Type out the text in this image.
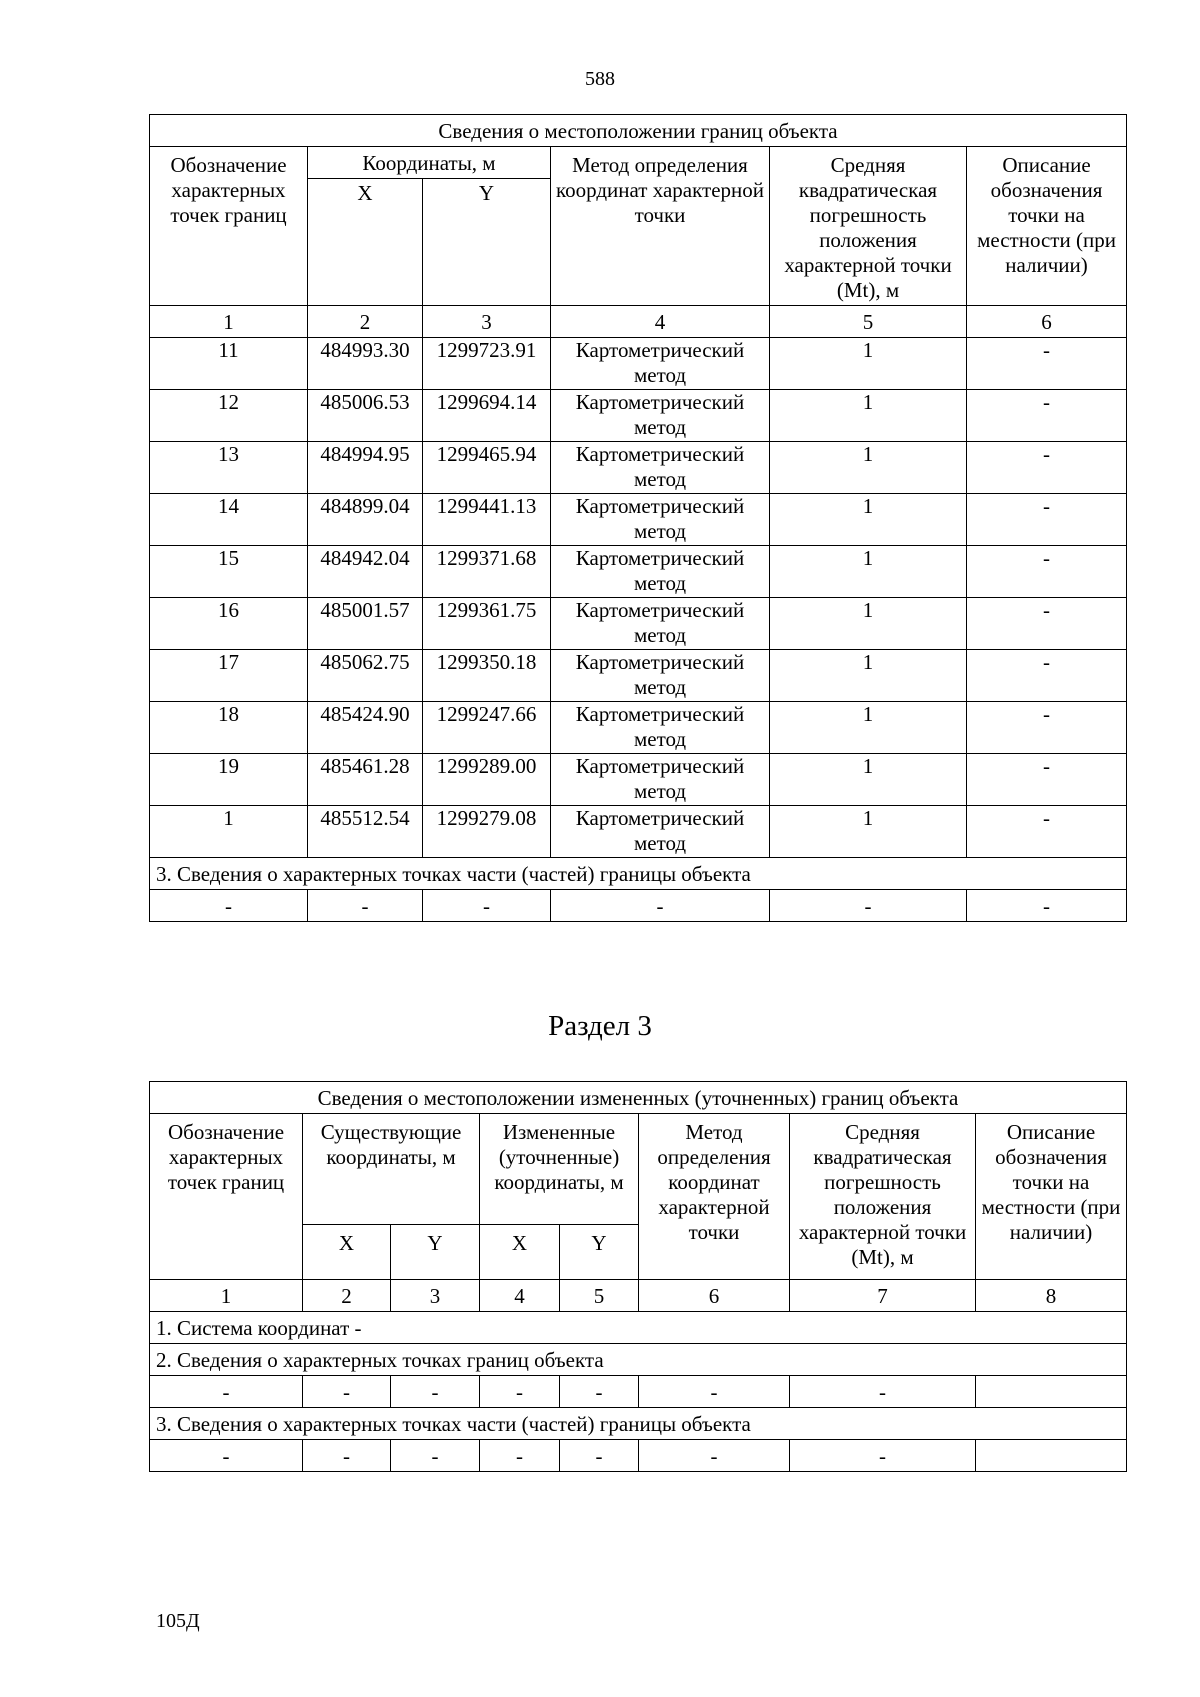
588
Сведения о местоположении границ объекта					
Обозначение характерных точек границ	Координаты, м		Метод определения координат характерной точки	Средняя квадратическая погрешность положения характерной точки (Mt), м	Описание обозначения точки на местности (при наличии)
	X	Y			
1	2	3	4	5	6
11	484993.30	1299723.91	Картометрический метод	1	-
12	485006.53	1299694.14	Картометрический метод	1	-
13	484994.95	1299465.94	Картометрический метод	1	-
14	484899.04	1299441.13	Картометрический метод	1	-
15	484942.04	1299371.68	Картометрический метод	1	-
16	485001.57	1299361.75	Картометрический метод	1	-
17	485062.75	1299350.18	Картометрический метод	1	-
18	485424.90	1299247.66	Картометрический метод	1	-
19	485461.28	1299289.00	Картометрический метод	1	-
1	485512.54	1299279.08	Картометрический метод	1	-
3. Сведения о характерных точках части (частей) границы объекта					
-	-	-	-	-	-
Раздел 3
Сведения о местоположении измененных (уточненных) границ объекта							
Обозначение характерных точек границ	Существующие координаты, м		Измененные (уточненные) координаты, м		Метод определения координат характерной точки	Средняя квадратическая погрешность положения характерной точки (Mt), м	Описание обозначения точки на местности (при наличии)
	X	Y	X	Y			
1	2	3	4	5	6	7	8
1. Система координат -							
2. Сведения о характерных точках границ объекта							
-	-	-	-	-	-	-	
3. Сведения о характерных точках части (частей) границы объекта							
-	-	-	-	-	-	-	
105Д
